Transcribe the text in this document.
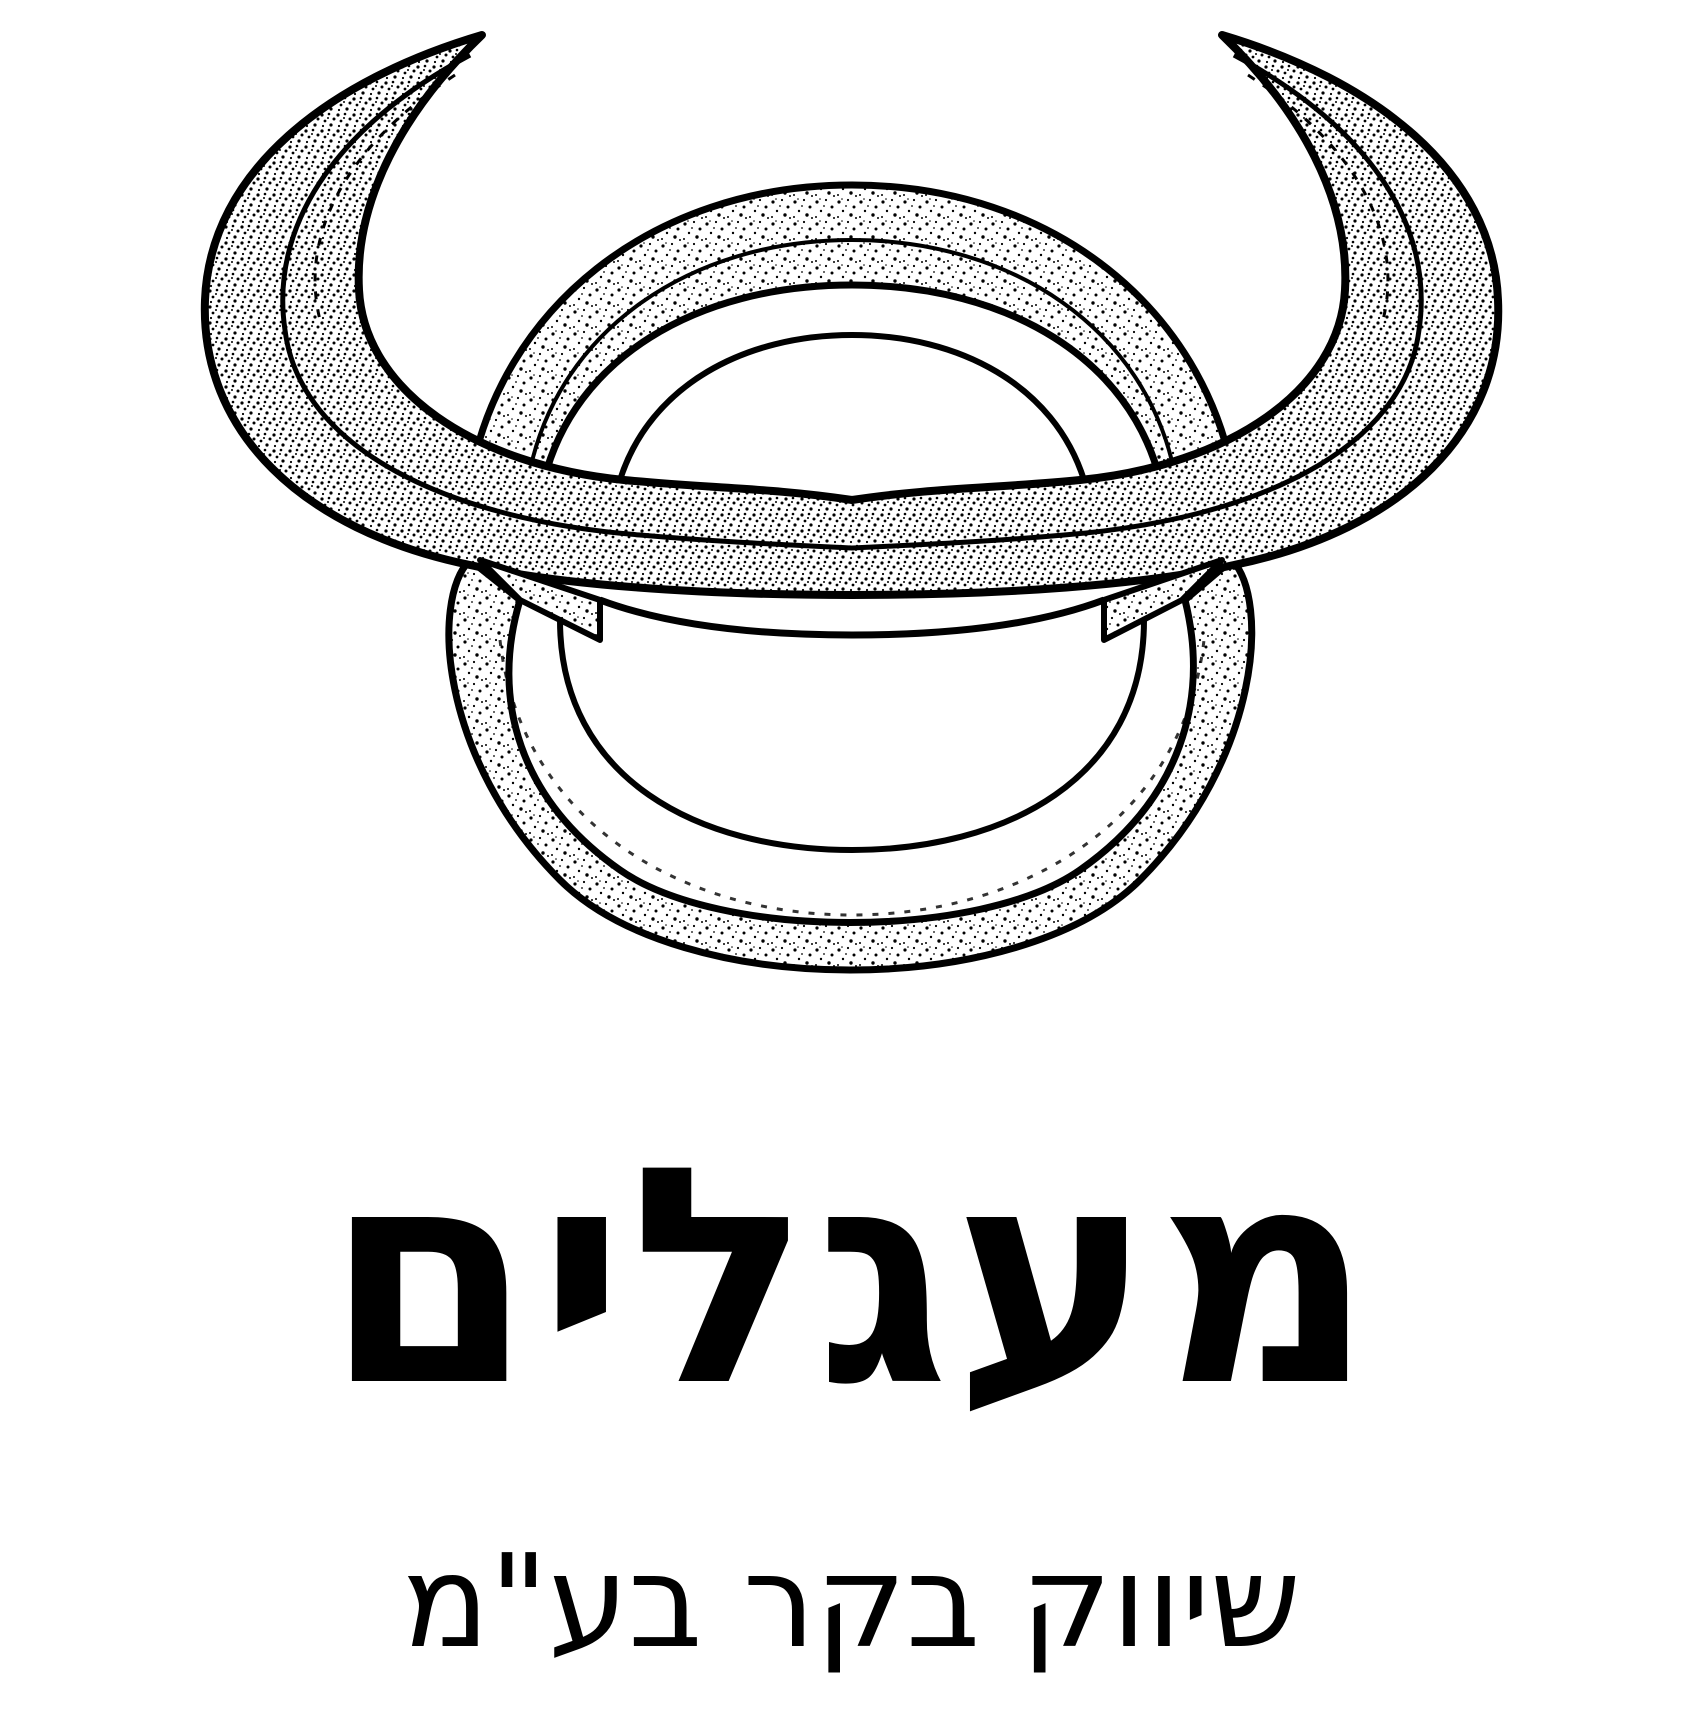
מעגלים
שיווק בקר בע"מ
